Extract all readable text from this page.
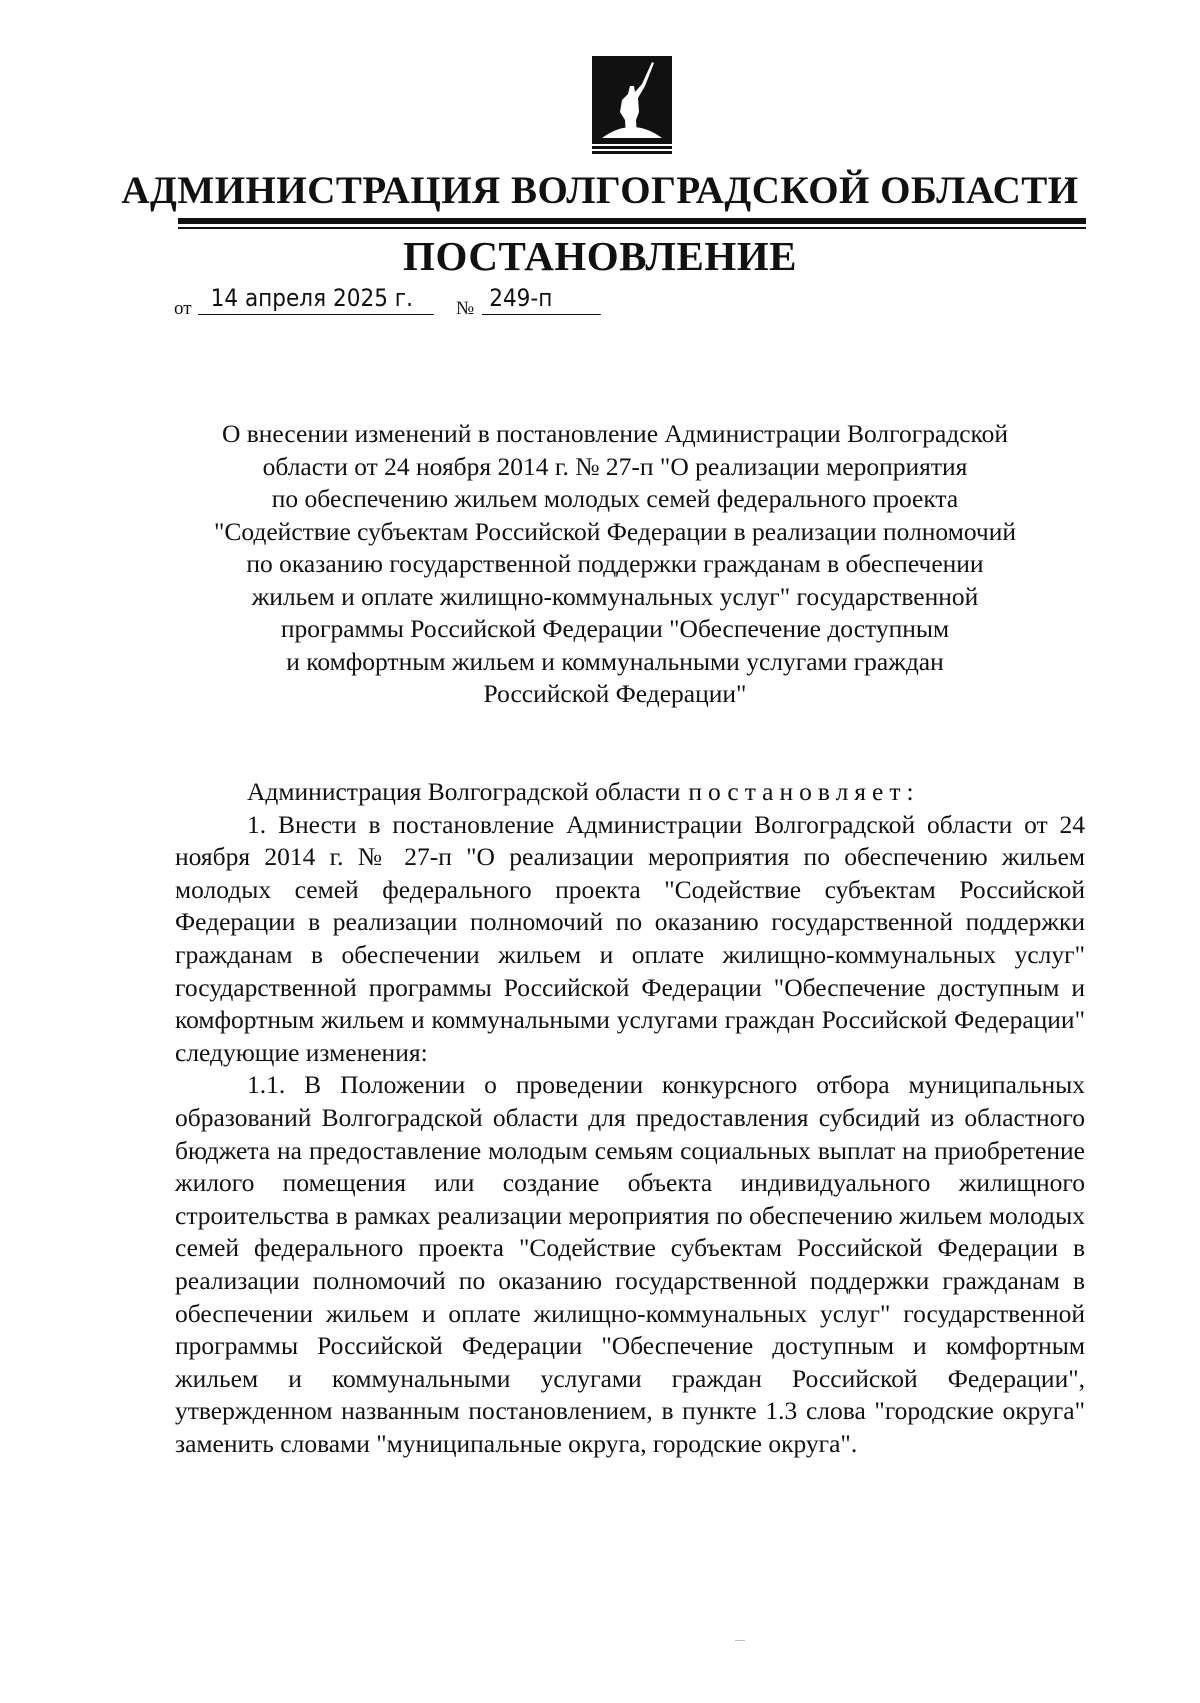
АДМИНИСТРАЦИЯ ВОЛГОГРАДСКОЙ ОБЛАСТИ
ПОСТАНОВЛЕНИЕ
от 14 апреля 2025 г.	№ 249-п
О внесении изменений в постановление Администрации Волгоградской
области от 24 ноября 2014 г. № 27-п "О реализации мероприятия
по обеспечению жильем молодых семей федерального проекта
"Содействие субъектам Российской Федерации в реализации полномочий
по оказанию государственной поддержки гражданам в обеспечении
жильем и оплате жилищно-коммунальных услуг" государственной
программы Российской Федерации "Обеспечение доступным
и комфортным жильем и коммунальными услугами граждан
Российской Федерации"

Администрация Волгоградской области постановляет:

1. Внести в постановление Администрации Волгоградской области от 24 ноября 2014 г. № 27-п "О реализации мероприятия по обеспечению жильем молодых семей федерального проекта "Содействие субъектам Российской Федерации в реализации полномочий по оказанию государственной поддержки гражданам в обеспечении жильем и оплате жилищно-коммунальных услуг" государственной программы Российской Федерации "Обеспечение доступным и комфортным жильем и коммунальными услугами граждан Российской Федерации" следующие изменения:

1.1. В Положении о проведении конкурсного отбора муниципальных образований Волгоградской области для предоставления субсидий из областного бюджета на предоставление молодым семьям социальных выплат на приобретение жилого помещения или создание объекта индивидуального жилищного строительства в рамках реализации мероприятия по обеспечению жильем молодых семей федерального проекта "Содействие субъектам Российской Федерации в реализации полномочий по оказанию государственной поддержки гражданам в обеспечении жильем и оплате жилищно-коммунальных услуг" государственной программы Российской Федерации "Обеспечение доступным и комфортным жильем и коммунальными услугами граждан Российской Федерации", утвержденном названным постановлением, в пункте 1.3 слова "городские округа" заменить словами "муниципальные округа, городские округа".
